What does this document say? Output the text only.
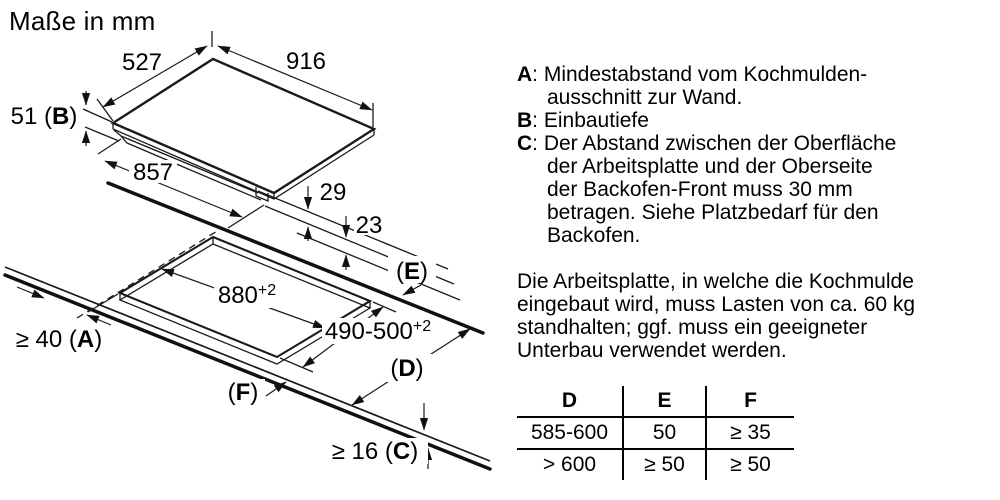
Maße in mm
527	916
51 (B)
857
29
23
$880^{+2}$
$490-500^{+2}$
≥ 40 (A)
(E)
(D)
(F)
≥ 16 (C)
A: Mindestabstand vom Kochmulden-
ausschnitt zur Wand.
B: Einbautiefe
C: Der Abstand zwischen der Oberfläche
der Arbeitsplatte und der Oberseite
der Backofen-Front muss 30 mm
betragen. Siehe Platzbedarf für den
Backofen.
Die Arbeitsplatte, in welche die Kochmulde
eingebaut wird, muss Lasten von ca. 60 kg
standhalten; ggf. muss ein geeigneter
Unterbau verwendet werden.
D	E	F
585-600	50	≥ 35
> 600	≥ 50	≥ 50
